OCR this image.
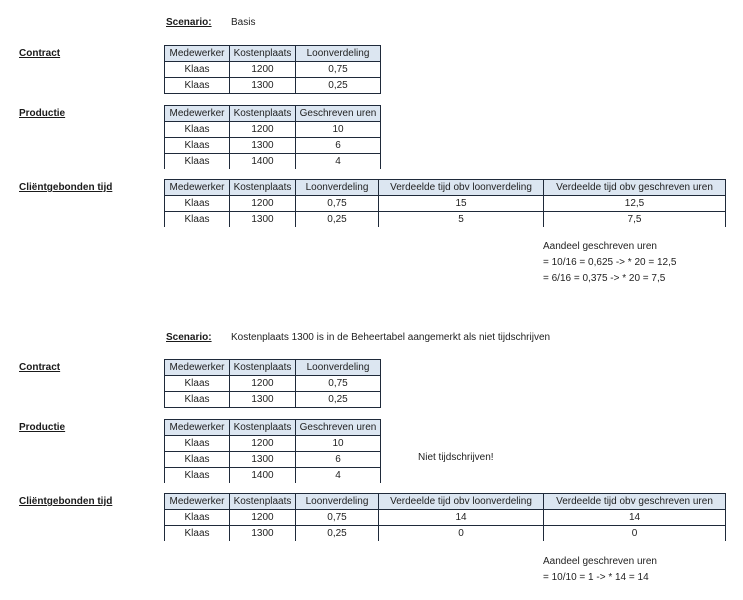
Scenario: Basis
Contract	Medewerker	Kostenplaats	Loonverdeling
Klaas	1200	0,75
Klaas	1300	0,25
Productie	Medewerker	Kostenplaats	Geschreven uren
Klaas	1200	10
Klaas	1300	6
Klaas	1400	4
Cliëntgebonden tijd	Medewerker	Kostenplaats	Loonverdeling	Verdeelde tijd obv loonverdeling	Verdeelde tijd obv geschreven uren
Klaas	1200	0,75	15	12,5
Klaas	1300	0,25	5	7,5
Aandeel geschreven uren
= 10/16 = 0,625 -> * 20 = 12,5
= 6/16 = 0,375 -> * 20 = 7,5
Scenario: Kostenplaats 1300 is in de Beheertabel aangemerkt als niet tijdschrijven
Contract	Medewerker	Kostenplaats	Loonverdeling
Klaas	1200	0,75
Klaas	1300	0,25
Productie	Medewerker	Kostenplaats	Geschreven uren
Klaas	1200	10
Klaas	1300	6
Klaas	1400	4
Niet tijdschrijven!
Cliëntgebonden tijd	Medewerker	Kostenplaats	Loonverdeling	Verdeelde tijd obv loonverdeling	Verdeelde tijd obv geschreven uren
Klaas	1200	0,75	14	14
Klaas	1300	0,25	0	0
Aandeel geschreven uren
= 10/10 = 1 -> * 14 = 14
